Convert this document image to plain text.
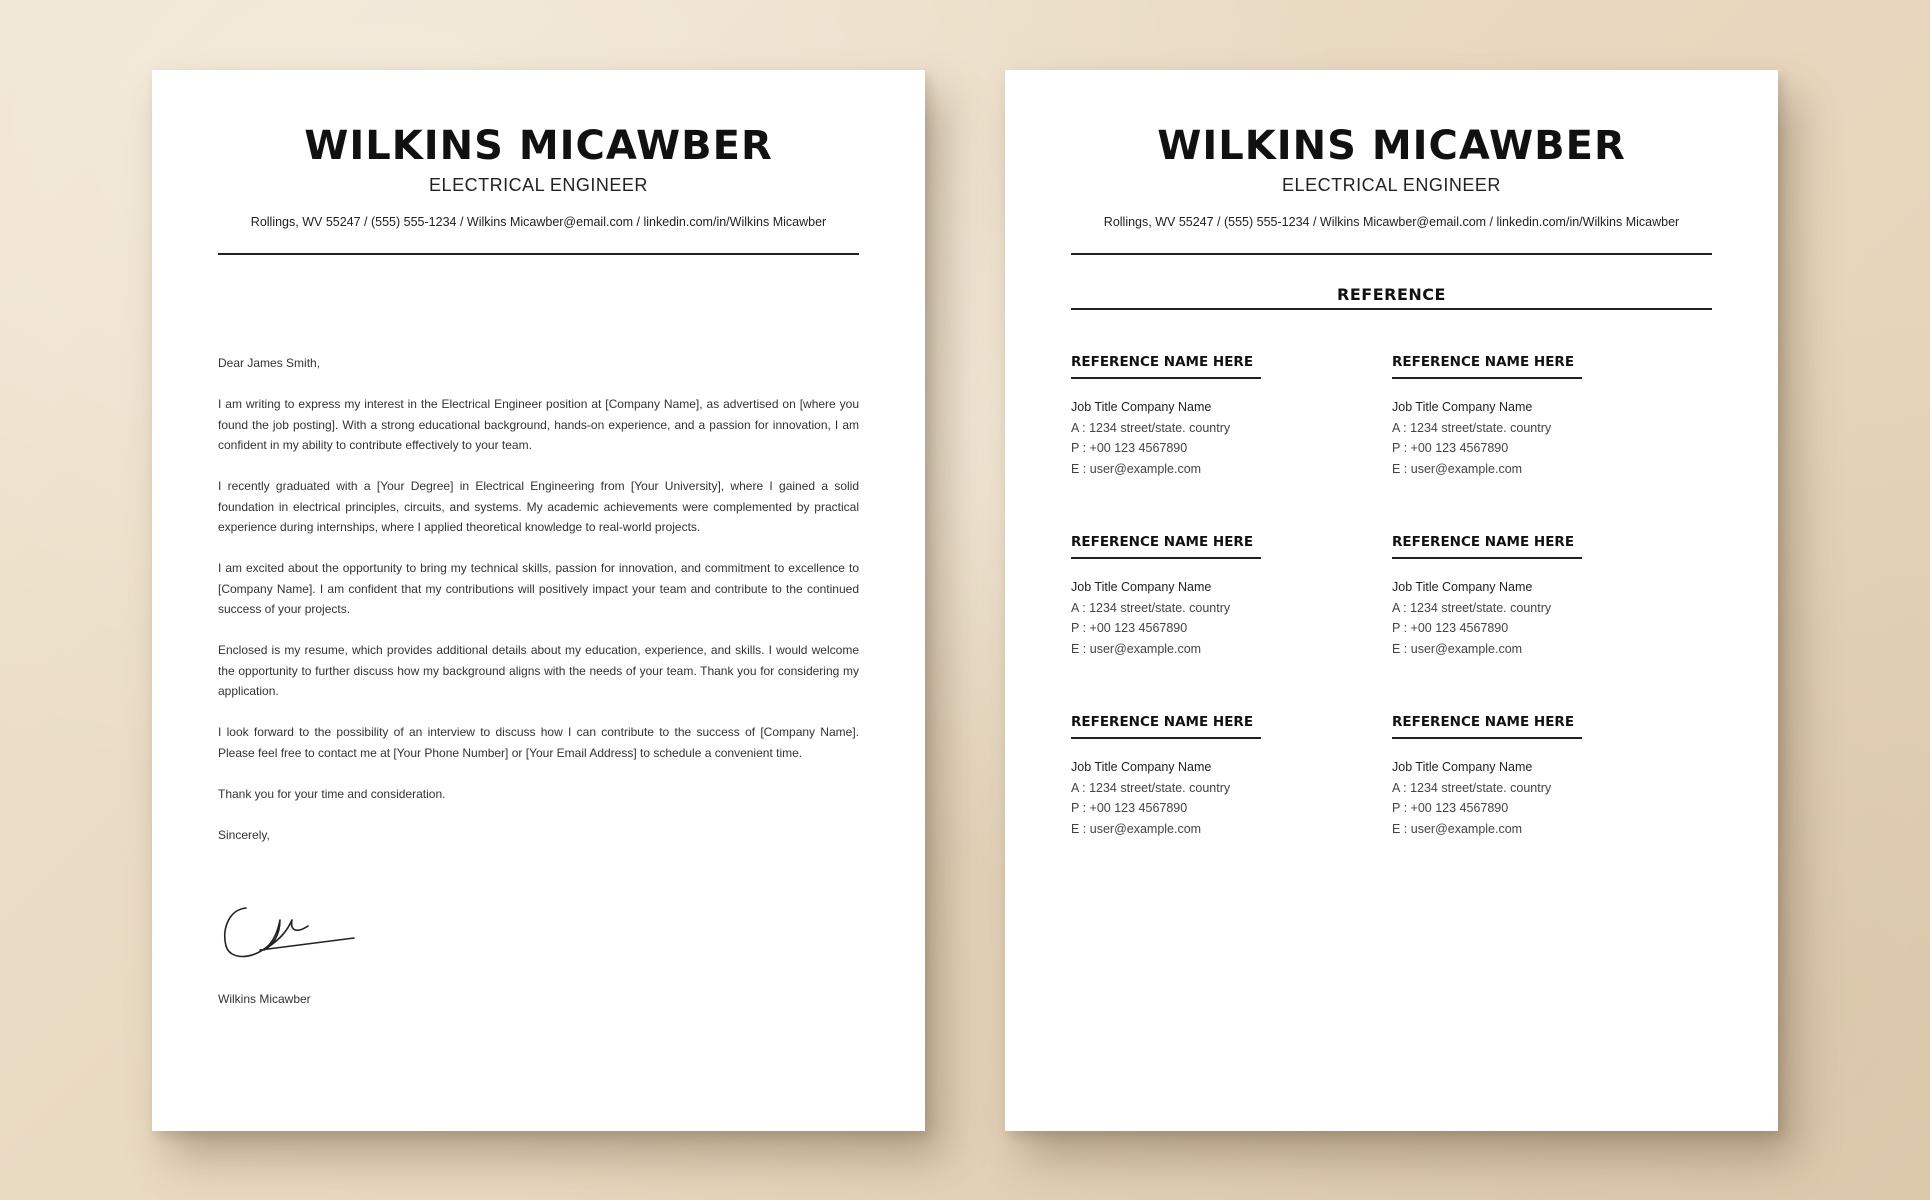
WILKINS MICAWBER
ELECTRICAL ENGINEER
Rollings, WV 55247 / (555) 555-1234 / Wilkins Micawber@email.com / linkedin.com/in/Wilkins Micawber

Dear James Smith,

I am writing to express my interest in the Electrical Engineer position at [Company Name], as advertised on [where you found the job posting]. With a strong educational background, hands-on experience, and a passion for innovation, I am confident in my ability to contribute effectively to your team.

I recently graduated with a [Your Degree] in Electrical Engineering from [Your University], where I gained a solid foundation in electrical principles, circuits, and systems. My academic achievements were complemented by practical experience during internships, where I applied theoretical knowledge to real-world projects.

I am excited about the opportunity to bring my technical skills, passion for innovation, and commitment to excellence to [Company Name]. I am confident that my contributions will positively impact your team and contribute to the continued success of your projects.

Enclosed is my resume, which provides additional details about my education, experience, and skills. I would welcome the opportunity to further discuss how my background aligns with the needs of your team. Thank you for considering my application.

I look forward to the possibility of an interview to discuss how I can contribute to the success of [Company Name]. Please feel free to contact me at [Your Phone Number] or [Your Email Address] to schedule a convenient time.

Thank you for your time and consideration.

Sincerely,

Wilkins Micawber
WILKINS MICAWBER
ELECTRICAL ENGINEER
Rollings, WV 55247 / (555) 555-1234 / Wilkins Micawber@email.com / linkedin.com/in/Wilkins Micawber
REFERENCE
REFERENCE NAME HERE
Job Title Company Name
A : 1234 street/state. country
P : +00 123 4567890
E : user@example.com
REFERENCE NAME HERE
Job Title Company Name
A : 1234 street/state. country
P : +00 123 4567890
E : user@example.com
REFERENCE NAME HERE
Job Title Company Name
A : 1234 street/state. country
P : +00 123 4567890
E : user@example.com
REFERENCE NAME HERE
Job Title Company Name
A : 1234 street/state. country
P : +00 123 4567890
E : user@example.com
REFERENCE NAME HERE
Job Title Company Name
A : 1234 street/state. country
P : +00 123 4567890
E : user@example.com
REFERENCE NAME HERE
Job Title Company Name
A : 1234 street/state. country
P : +00 123 4567890
E : user@example.com
